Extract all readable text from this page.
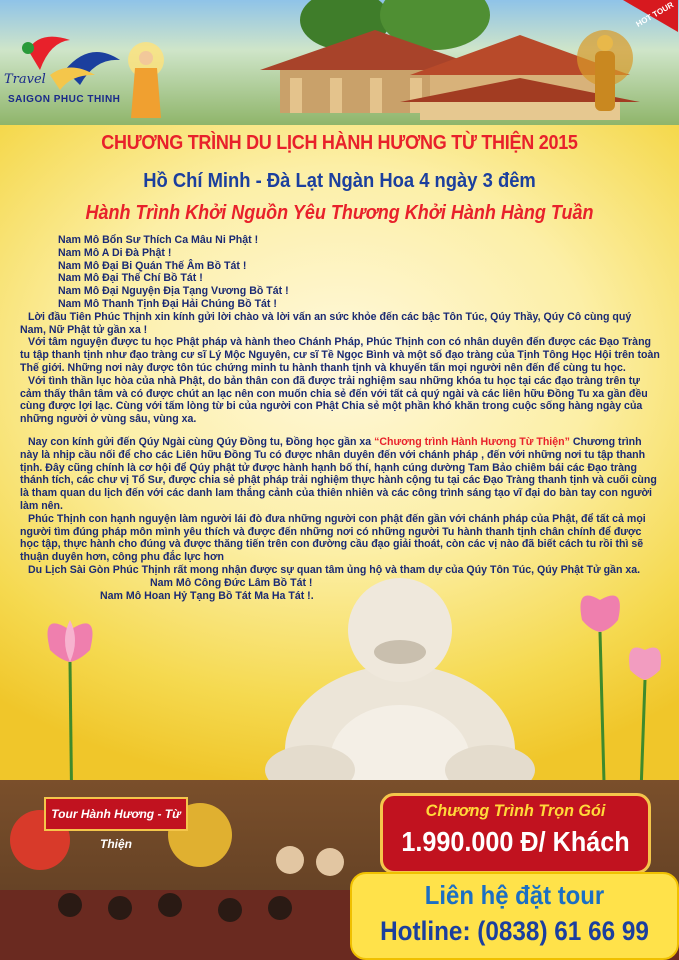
HOT TOUR
Travel
SAIGON PHUC THINH
CHƯƠNG TRÌNH DU LỊCH HÀNH HƯƠNG TỪ THIỆN 2015
Hồ Chí Minh - Đà Lạt Ngàn Hoa 4 ngày 3 đêm
Hành Trình Khởi Nguồn Yêu Thương Khởi Hành Hàng Tuần

Nam Mô Bổn Sư Thích Ca Mâu Ni Phật !

Nam Mô A Di Đà Phật !

Nam Mô Đại Bi Quán Thế Âm Bồ Tát !

Nam Mô Đại Thế Chí Bồ Tát !

Nam Mô Đại Nguyện Địa Tạng Vương Bồ Tát !

Nam Mô Thanh Tịnh Đại Hải Chúng Bồ Tát !

Lời đầu Tiên Phúc Thịnh xin kính gửi lời chào và lời vấn an sức khỏe đến các bậc Tôn Túc, Qúy Thầy, Qúy Cô cùng quý Nam, Nữ Phật tử gần xa !

Với tâm nguyện được tu học Phật pháp và hành theo Chánh Pháp, Phúc Thịnh con có nhân duyên đến được các Đạo Tràng tu tập thanh tịnh như đạo tràng cư sĩ Lý Mộc Nguyên, cư sĩ Tề Ngọc Bình và một số đạo tràng của Tịnh Tông Học Hội trên toàn Thế giới. Những nơi này được tôn túc chứng minh tu hành thanh tịnh và khuyến tấn mọi người nên đến để cùng tu học.

Với tình thần lục hòa của nhà Phật, do bản thân con đã được trải nghiệm sau những khóa tu học tại các đạo tràng trên tự cảm thấy thân tâm và có được chút an lạc nên con muốn chia sẻ đến với tất cả quý ngài và các liên hữu Đồng Tu xa gần đều cùng được lợi lạc. Cùng với tấm lòng từ bi của người con Phật Chia sẻ một phần khó khăn trong cuộc sống hàng ngày của những người ở vùng sâu, vùng xa.

Nay con kính gửi đến Qúy Ngài cùng Qúy Đồng tu, Đồng học gần xa “Chương trình Hành Hương Từ Thiện” Chương trình này là nhịp cầu nối để cho các Liên hữu Đồng Tu có được nhân duyên đến với chánh pháp , đến với những nơi tu tập thanh tịnh. Đây cũng chính là cơ hội để Qúy phật tử được hành hạnh bố thí, hạnh cúng dường Tam Bảo chiêm bái các Đạo tràng thánh tích, các chư vị Tổ Sư, được chia sẻ phật pháp trải nghiệm thực hành cộng tu tại các Đạo Tràng thanh tịnh và cuối cùng là tham quan du lịch đến với các danh lam thắng cảnh của thiên nhiên và các công trình sáng tạo vĩ đại do bàn tay con người làm nên.

Phúc Thịnh con hạnh nguyện làm người lái đò đưa những người con phật đến gần với chánh pháp của Phật, để tất cả mọi người tìm đúng pháp môn mình yêu thích và được đến những nơi có những người Tu hành thanh tịnh chân chính để được học tập, thực hành cho đúng và được thăng tiến trên con đường cầu đạo giải thoát, còn các vị nào đã biết cách tu rồi thì sẽ thuận duyên hơn, công phu đắc lực hơn

Du Lịch Sài Gòn Phúc Thịnh rất mong nhận được sự quan tâm ủng hộ và tham dự của Qúy Tôn Túc, Qúy Phật Tử gần xa.

Nam Mô Công Đức Lâm Bồ Tát !

Nam Mô Hoan Hỷ Tạng Bồ Tát Ma Ha Tát !.

Tour Hành Hương - Từ Thiện
Chương Trình Trọn Gói
1.990.000 Đ/ Khách
Liên hệ đặt tour
Hotline: (0838) 61 66 99
